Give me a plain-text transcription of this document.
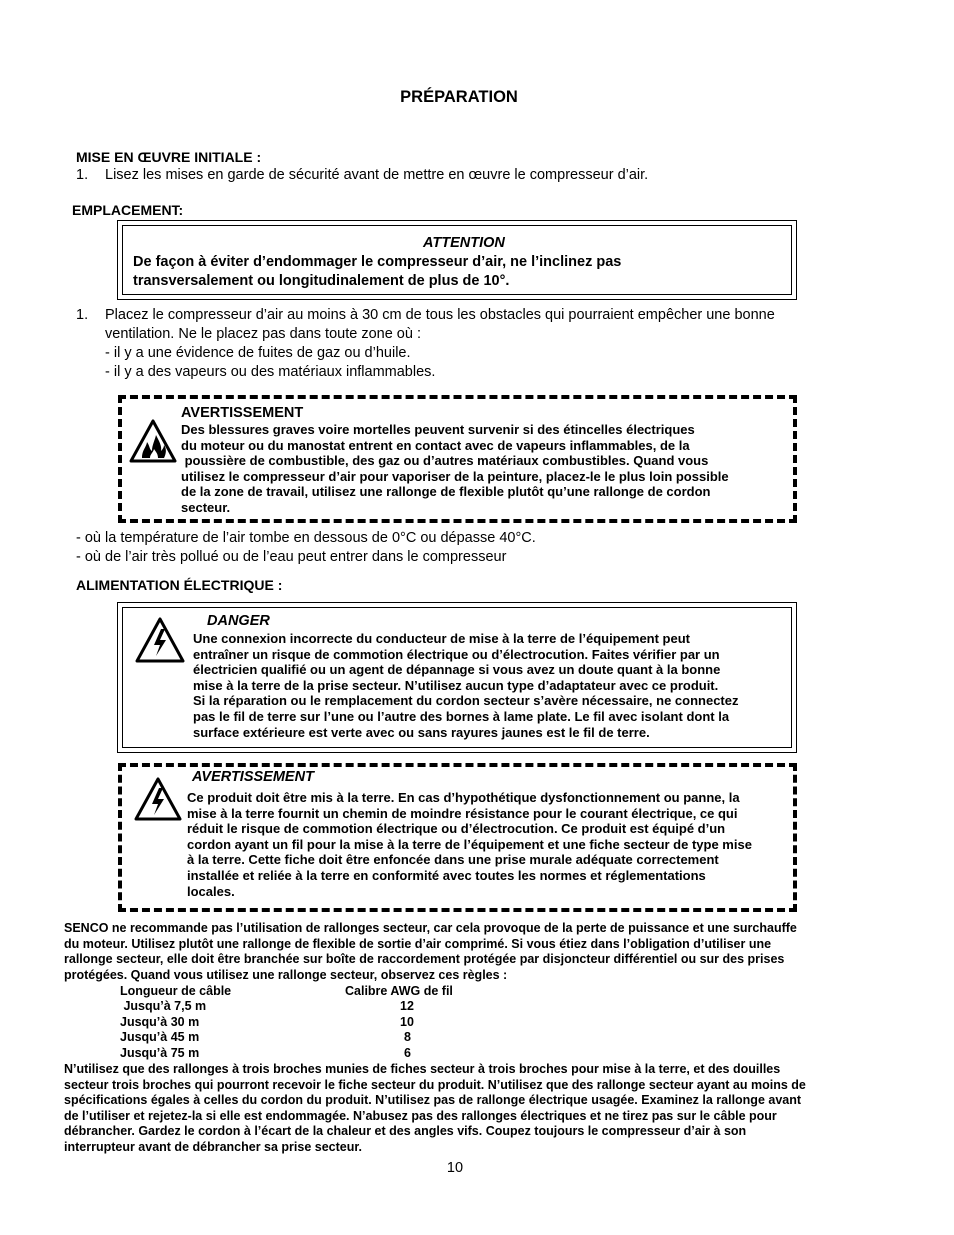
PRÉPARATION
MISE EN ŒUVRE INITIALE :
1. Lisez les mises en garde de sécurité avant de mettre en œuvre le compresseur d’air.
EMPLACEMENT:
ATTENTION
De façon à éviter d’endommager le compresseur d’air, ne l’inclinez pas
transversalement ou longitudinalement de plus de 10°.
1. Placez le compresseur d’air au moins à 30 cm de tous les obstacles qui pourraient empêcher une bonne
ventilation. Ne le placez pas dans toute zone où :
- il y a une évidence de fuites de gaz ou d’huile.
- il y a des vapeurs ou des matériaux inflammables.
AVERTISSEMENT
Des blessures graves voire mortelles peuvent survenir si des étincelles électriques
du moteur ou du manostat entrent en contact avec de vapeurs inflammables, de la
poussière de combustible, des gaz ou d’autres matériaux combustibles. Quand vous
utilisez le compresseur d’air pour vaporiser de la peinture, placez-le le plus loin possible
de la zone de travail, utilisez une rallonge de flexible plutôt qu’une rallonge de cordon
secteur.
- où la température de l’air tombe en dessous de 0°C ou dépasse 40°C.
- où de l’air très pollué ou de l’eau peut entrer dans le compresseur
ALIMENTATION ÉLECTRIQUE :
DANGER
Une connexion incorrecte du conducteur de mise à la terre de l’équipement peut
entraîner un risque de commotion électrique ou d’électrocution. Faites vérifier par un
électricien qualifié ou un agent de dépannage si vous avez un doute quant à la bonne
mise à la terre de la prise secteur. N’utilisez aucun type d’adaptateur avec ce produit.
Si la réparation ou le remplacement du cordon secteur s’avère nécessaire, ne connectez
pas le fil de terre sur l’une ou l’autre des bornes à lame plate. Le fil avec isolant dont la
surface extérieure est verte avec ou sans rayures jaunes est le fil de terre.
AVERTISSEMENT
Ce produit doit être mis à la terre. En cas d’hypothétique dysfonctionnement ou panne, la
mise à la terre fournit un chemin de moindre résistance pour le courant électrique, ce qui
réduit le risque de commotion électrique ou d’électrocution. Ce produit est équipé d’un
cordon ayant un fil pour la mise à la terre de l’équipement et une fiche secteur de type mise
à la terre. Cette fiche doit être enfoncée dans une prise murale adéquate correctement
installée et reliée à la terre en conformité avec toutes les normes et réglementations
locales.
SENCO ne recommande pas l’utilisation de rallonges secteur, car cela provoque de la perte de puissance et une surchauffe
du moteur. Utilisez plutôt une rallonge de flexible de sortie d’air comprimé. Si vous étiez dans l’obligation d’utiliser une
rallonge secteur, elle doit être branchée sur boîte de raccordement protégée par disjoncteur différentiel ou sur des prises
protégées. Quand vous utilisez une rallonge secteur, observez ces règles :
Longueur de câble	Calibre AWG de fil
Jusqu’à 7,5 m	12
Jusqu’à 30 m	10
Jusqu’à 45 m	8
Jusqu’à 75 m	6
N’utilisez que des rallonges à trois broches munies de fiches secteur à trois broches pour mise à la terre, et des douilles
secteur trois broches qui pourront recevoir le fiche secteur du produit. N’utilisez que des rallonge secteur ayant au moins de
spécifications égales à celles du cordon du produit. N’utilisez pas de rallonge électrique usagée. Examinez la rallonge avant
de l’utiliser et rejetez-la si elle est endommagée. N’abusez pas des rallonges électriques et ne tirez pas sur le câble pour
débrancher. Gardez le cordon à l’écart de la chaleur et des angles vifs. Coupez toujours le compresseur d’air à son
interrupteur avant de débrancher sa prise secteur.
10
